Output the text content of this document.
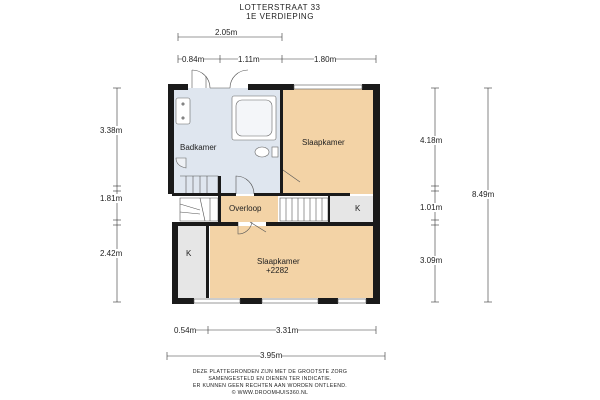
LOTTERSTRAAT 33
1E VERDIEPING
2.05m
0.84m	1.11m	1.80m
3.38m
1.81m
2.42m
4.18m
1.01m
3.09m
8.49m
0.54m	3.31m
3.95m
Badkamer
Slaapkamer
Overloop	K
K
Slaapkamer
+2282
DEZE PLATTEGRONDEN ZIJN MET DE GROOTSTE ZORG
SAMENGESTELD EN DIENEN TER INDICATIE.
ER KUNNEN GEEN RECHTEN AAN WORDEN ONTLEEND.
© WWW.DROOMHUIS360.NL
